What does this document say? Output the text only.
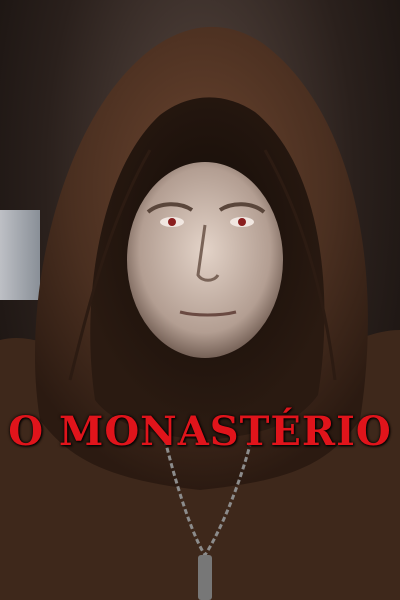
O MONASTÉRIO
